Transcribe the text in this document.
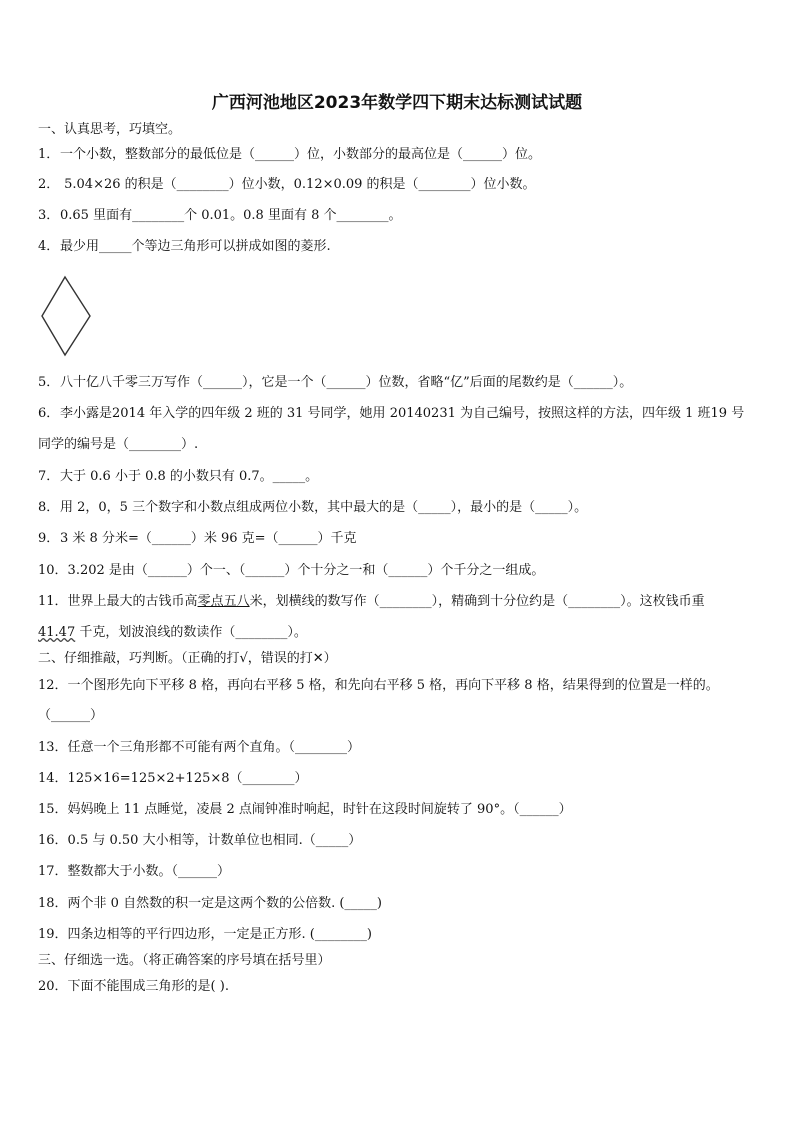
广西河池地区2023年数学四下期末达标测试试题
一、认真思考，巧填空。
1．一个小数，整数部分的最低位是（______）位，小数部分的最高位是（______）位。
2． 5.04×26 的积是（________）位小数，0.12×0.09 的积是（________）位小数。
3．0.65 里面有________个 0.01。0.8 里面有 8 个________。
4．最少用_____个等边三角形可以拼成如图的菱形.
5．八十亿八千零三万写作（______），它是一个（______）位数，省略“亿”后面的尾数约是（______）。
6．李小露是2014 年入学的四年级 2 班的 31 号同学，她用 20140231 为自己编号，按照这样的方法，四年级 1 班19 号
同学的编号是（________）.
7．大于 0.6 小于 0.8 的小数只有 0.7。_____。
8．用 2，0，5 三个数字和小数点组成两位小数，其中最大的是（_____），最小的是（_____）。
9．3 米 8 分米=（______）米 96 克=（______）千克
10．3.202 是由（______）个一、（______）个十分之一和（______）个千分之一组成。
11．世界上最大的古钱币高零点五八米，划横线的数写作（________），精确到十分位约是（________）。这枚钱币重
41.47 千克，划波浪线的数读作（________）。
二、仔细推敲，巧判断。（正确的打√，错误的打✕）
12．一个图形先向下平移 8 格，再向右平移 5 格，和先向右平移 5 格，再向下平移 8 格，结果得到的位置是一样的。
（______）
13．任意一个三角形都不可能有两个直角。（________）
14．125×16=125×2+125×8（________）
15．妈妈晚上 11 点睡觉，凌晨 2 点闹钟准时响起，时针在这段时间旋转了 90°。（______）
16．0.5 与 0.50 大小相等，计数单位也相同.（_____）
17．整数都大于小数。（______）
18．两个非 0 自然数的积一定是这两个数的公倍数. (_____)
19．四条边相等的平行四边形，一定是正方形. (________)
三、仔细选一选。（将正确答案的序号填在括号里）
20．下面不能围成三角形的是( ).
